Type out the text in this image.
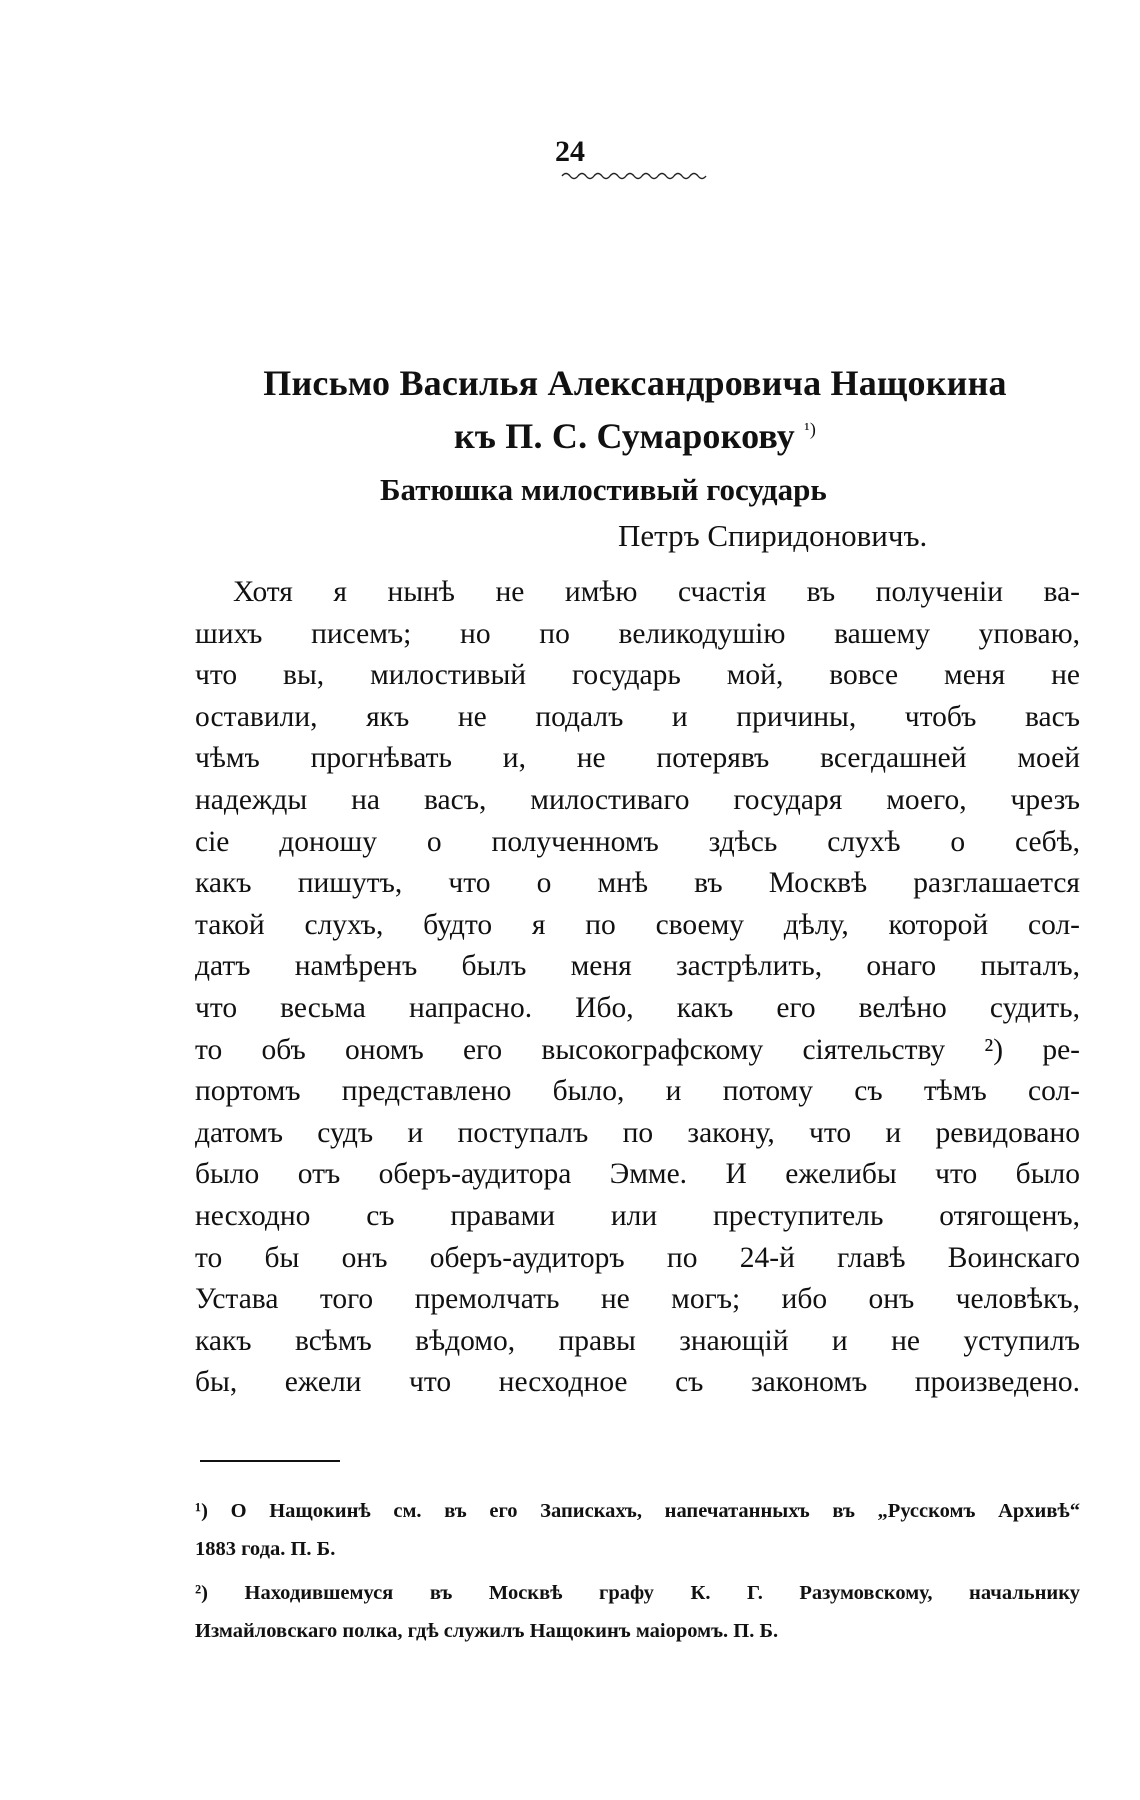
24
Письмо Василья Александровича Нащокина
къ П. С. Сумарокову $^{^1)}$
Батюшка милостивый государь
Петръ Спиридоновичъ.
Хотя я нынѣ не имѣю счастія въ полученіи ва-
шихъ писемъ; но по великодушію вашему уповаю,
что вы, милостивый государь мой, вовсе меня не
оставили, якъ не подалъ и причины, чтобъ васъ
чѣмъ прогнѣвать и, не потерявъ всегдашней моей
надежды на васъ, милостиваго государя моего, чрезъ
сіе доношу о полученномъ здѣсь слухѣ о себѣ,
какъ пишутъ, что о мнѣ въ Москвѣ разглашается
такой слухъ, будто я по своему дѣлу, которой сол-
датъ намѣренъ былъ меня застрѣлить, онаго пыталъ,
что весьма напрасно. Ибо, какъ его велѣно судить,
то объ ономъ его высокографскому сіятельству ²) ре-
портомъ представлено было, и потому съ тѣмъ сол-
датомъ судъ и поступалъ по закону, что и ревидовано
было отъ оберъ-аудитора Эмме. И ежелибы что было
несходно съ правами или преступитель отягощенъ,
то бы онъ оберъ-аудиторъ по 24-й главѣ Воинскаго
Устава того премолчать не могъ; ибо онъ человѣкъ,
какъ всѣмъ вѣдомо, правы знающій и не уступилъ
бы, ежели что несходное съ закономъ произведено.
¹) О Нащокинѣ см. въ его Запискахъ, напечатанныхъ въ „Русскомъ Архивѣ“
1883 года. П. Б.
²) Находившемуся въ Москвѣ графу К. Г. Разумовскому, начальнику
Измайловскаго полка, гдѣ служилъ Нащокинъ маіоромъ. П. Б.
